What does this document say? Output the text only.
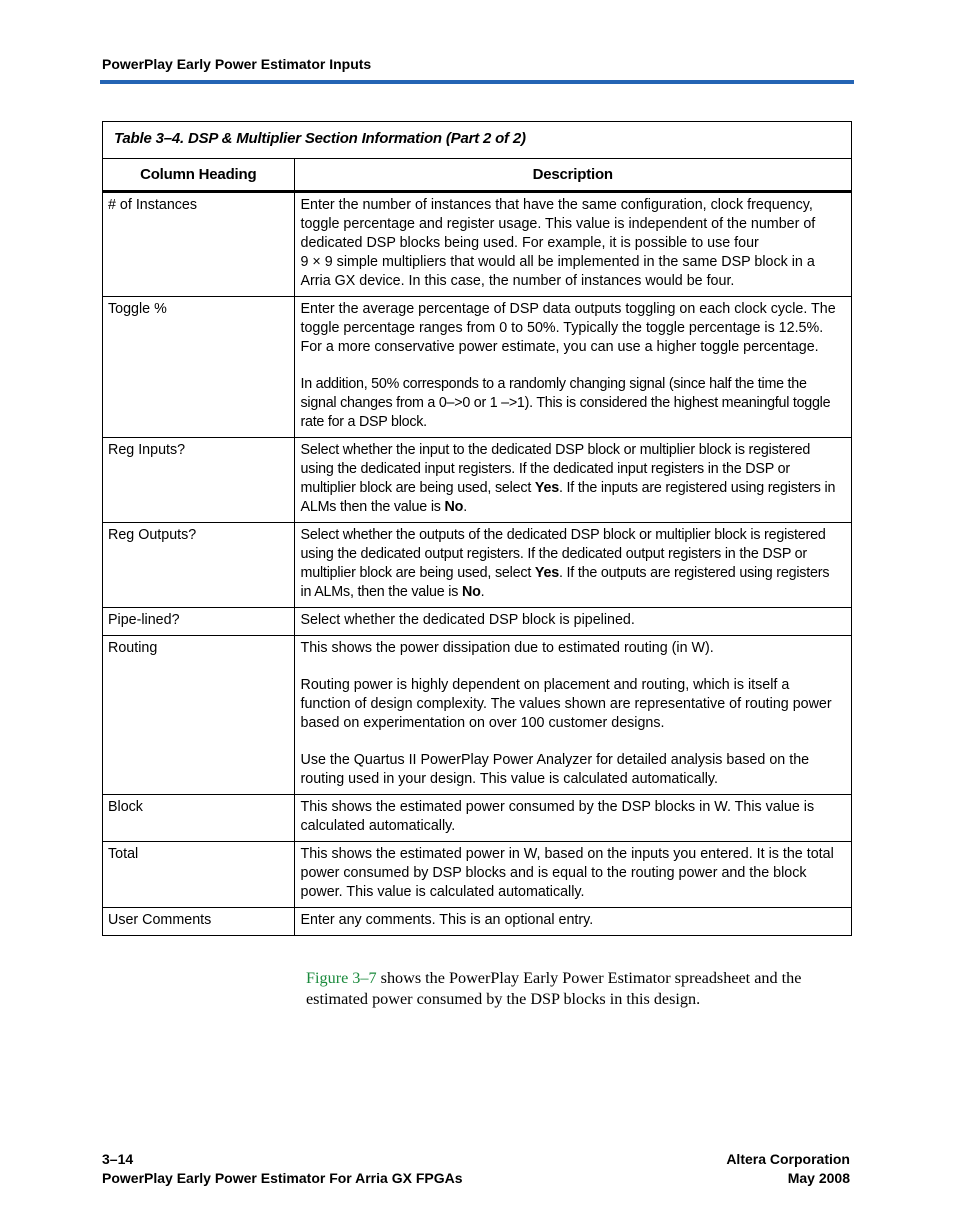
PowerPlay Early Power Estimator Inputs
Table 3–4. DSP & Multiplier Section Information (Part 2 of 2)
Column Heading	Description
# of Instances	Enter the number of instances that have the same configuration, clock frequency, toggle percentage and register usage. This value is independent of the number of dedicated DSP blocks being used. For example, it is possible to use four
9 × 9 simple multipliers that would all be implemented in the same DSP block in a Arria GX device. In this case, the number of instances would be four.

Toggle %	Enter the average percentage of DSP data outputs toggling on each clock cycle. The toggle percentage ranges from 0 to 50%. Typically the toggle percentage is 12.5%. For a more conservative power estimate, you can use a higher toggle percentage.
In addition, 50% corresponds to a randomly changing signal (since half the time the signal changes from a 0–>0 or 1 –>1). This is considered the highest meaningful toggle rate for a DSP block.

Reg Inputs?	Select whether the input to the dedicated DSP block or multiplier block is registered using the dedicated input registers. If the dedicated input registers in the DSP or multiplier block are being used, select Yes. If the inputs are registered using registers in ALMs then the value is No.
Reg Outputs?	Select whether the outputs of the dedicated DSP block or multiplier block is registered using the dedicated output registers. If the dedicated output registers in the DSP or multiplier block are being used, select Yes. If the outputs are registered using registers in ALMs, then the value is No.
Pipe-lined?	Select whether the dedicated DSP block is pipelined.
Routing	This shows the power dissipation due to estimated routing (in W).
Routing power is highly dependent on placement and routing, which is itself a function of design complexity. The values shown are representative of routing power based on experimentation on over 100 customer designs.
Use the Quartus II PowerPlay Power Analyzer for detailed analysis based on the routing used in your design. This value is calculated automatically.

Block	This shows the estimated power consumed by the DSP blocks in W. This value is calculated automatically.
Total	This shows the estimated power in W, based on the inputs you entered. It is the total power consumed by DSP blocks and is equal to the routing power and the block power. This value is calculated automatically.
User Comments	Enter any comments. This is an optional entry.
Figure 3–7 shows the PowerPlay Early Power Estimator spreadsheet and the estimated power consumed by the DSP blocks in this design.
3–14
PowerPlay Early Power Estimator For Arria GX FPGAs
Altera Corporation
May 2008
